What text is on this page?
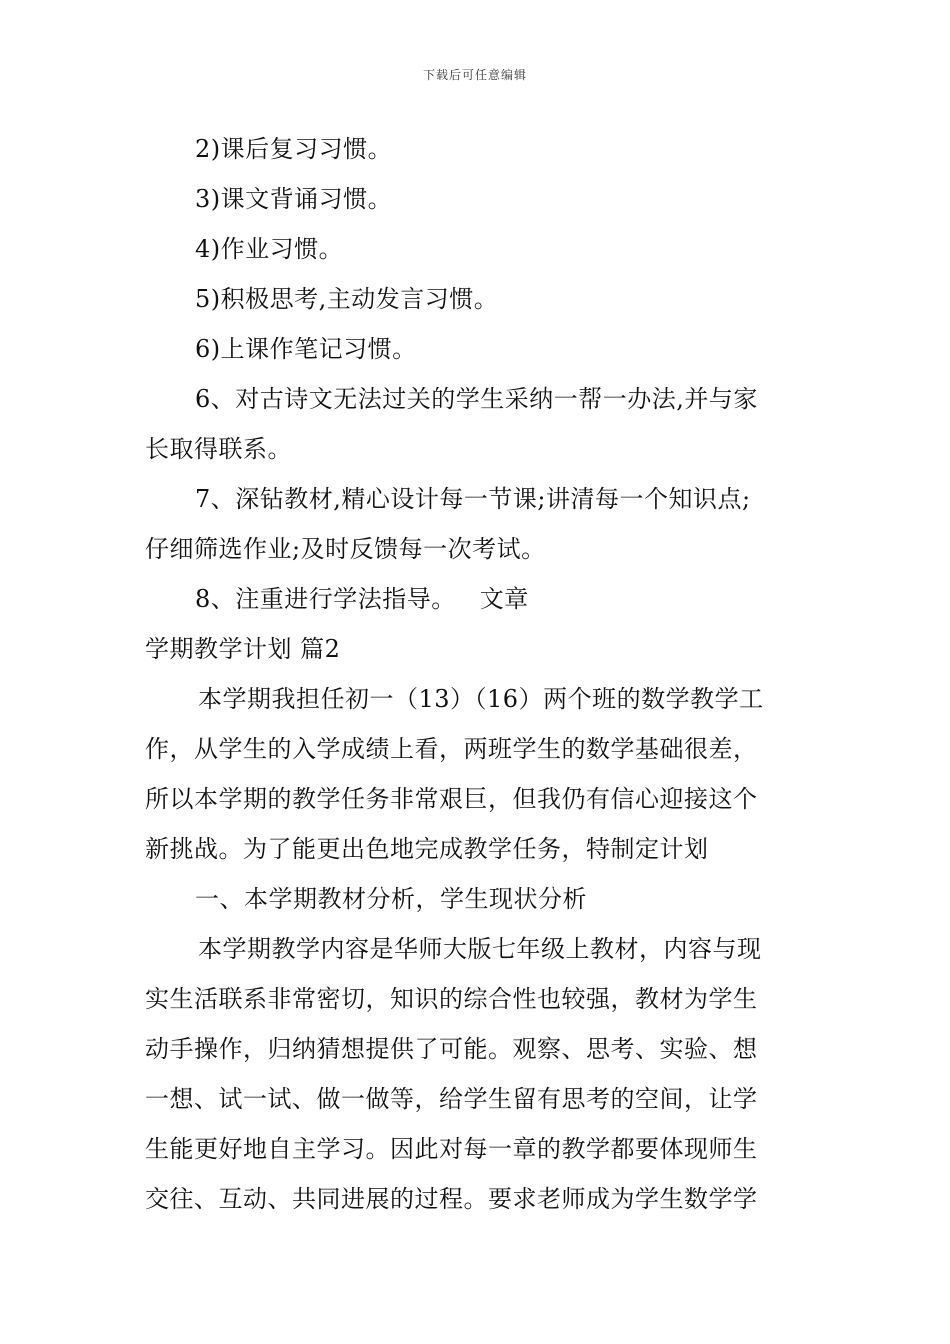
下载后可任意编辑
2)课后复习习惯。
3)课文背诵习惯。
4)作业习惯。
5)积极思考,主动发言习惯。
6)上课作笔记习惯。
6、对古诗文无法过关的学生采纳一帮一办法,并与家
长取得联系。
7、深钻教材,精心设计每一节课;讲清每一个知识点;
仔细筛选作业;及时反馈每一次考试。
8、注重进行学法指导。 文章
学期教学计划 篇2
本学期我担任初一（13）（16）两个班的数学教学工
作，从学生的入学成绩上看，两班学生的数学基础很差，
所以本学期的教学任务非常艰巨，但我仍有信心迎接这个
新挑战。为了能更出色地完成教学任务，特制定计划
一、本学期教材分析，学生现状分析
本学期教学内容是华师大版七年级上教材，内容与现
实生活联系非常密切，知识的综合性也较强，教材为学生
动手操作，归纳猜想提供了可能。观察、思考、实验、想
一想、试一试、做一做等，给学生留有思考的空间，让学
生能更好地自主学习。因此对每一章的教学都要体现师生
交往、互动、共同进展的过程。要求老师成为学生数学学
